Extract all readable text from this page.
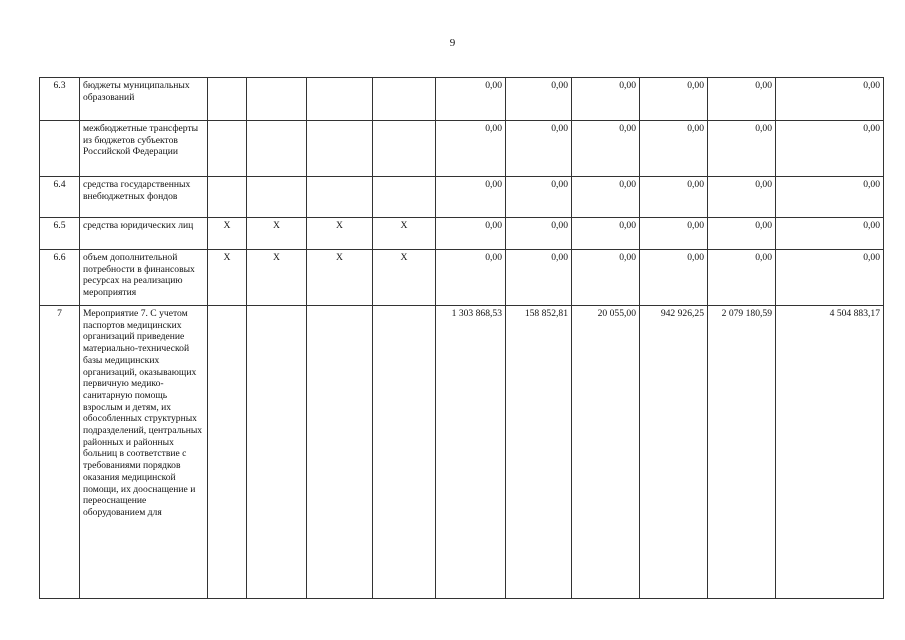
9
6.3	бюджеты муниципальных образований					0,00	0,00	0,00	0,00	0,00	0,00
	межбюджетные трансферты из бюджетов субъектов Российской Федерации					0,00	0,00	0,00	0,00	0,00	0,00
6.4	средства государственных внебюджетных фондов					0,00	0,00	0,00	0,00	0,00	0,00
6.5	средства юридических лиц	X	X	X	X	0,00	0,00	0,00	0,00	0,00	0,00
6.6	объем дополнительной потребности в финансовых ресурсах на реализацию мероприятия	X	X	X	X	0,00	0,00	0,00	0,00	0,00	0,00
7	Мероприятие 7. С учетом паспортов медицинских организаций приведение материально-технической базы медицинских организаций, оказывающих первичную медико-санитарную помощь взрослым и детям, их обособленных структурных подразделений, центральных районных и районных больниц в соответствие с требованиями порядков оказания медицинской помощи, их дооснащение и переоснащение оборудованием для					1 303 868,53	158 852,81	20 055,00	942 926,25	2 079 180,59	4 504 883,17
